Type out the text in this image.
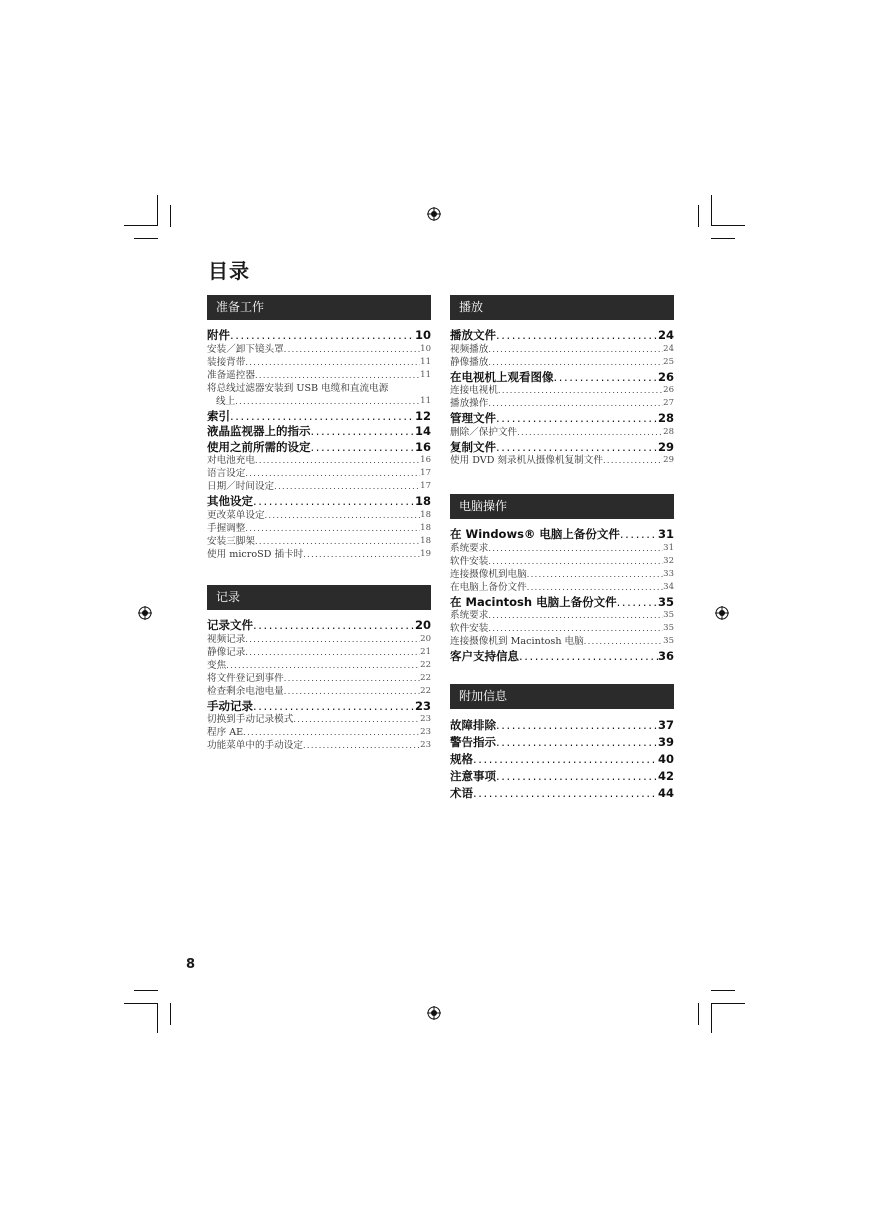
目录
准备工作
附件 .....	10
安装／卸下镜头罩 .....	10
装接背带 .....	11
准备遥控器 .....	11
将总线过滤器安装到 USB 电缆和直流电源
线上 .....	11
索引 .....	12
液晶监视器上的指示 .....	14
使用之前所需的设定 .....	16
对电池充电 .....	16
语言设定 .....	17
日期／时间设定 .....	17
其他设定 .....	18
更改菜单设定 .....	18
手握调整 .....	18
安装三脚架 .....	18
使用 microSD 插卡时 .....	19
记录
记录文件 .....	20
视频记录 .....	20
静像记录 .....	21
变焦 .....	22
将文件登记到事件 .....	22
检查剩余电池电量 .....	22
手动记录 .....	23
切换到手动记录模式 .....	23
程序 AE .....	23
功能菜单中的手动设定 .....	23
播放
播放文件 .....	24
视频播放 .....	24
静像播放 .....	25
在电视机上观看图像 .....	26
连接电视机 .....	26
播放操作 .....	27
管理文件 .....	28
删除／保护文件 .....	28
复制文件 .....	29
使用 DVD 刻录机从摄像机复制文件 .....	29
电脑操作
在 Windows® 电脑上备份文件 .....	31
系统要求 .....	31
软件安装 .....	32
连接摄像机到电脑 .....	33
在电脑上备份文件 .....	34
在 Macintosh 电脑上备份文件 .....	35
系统要求 .....	35
软件安装 .....	35
连接摄像机到 Macintosh 电脑 .....	35
客户支持信息 .....	36
附加信息
故障排除 .....	37
警告指示 .....	39
规格 .....	40
注意事项 .....	42
术语 .....	44
8
